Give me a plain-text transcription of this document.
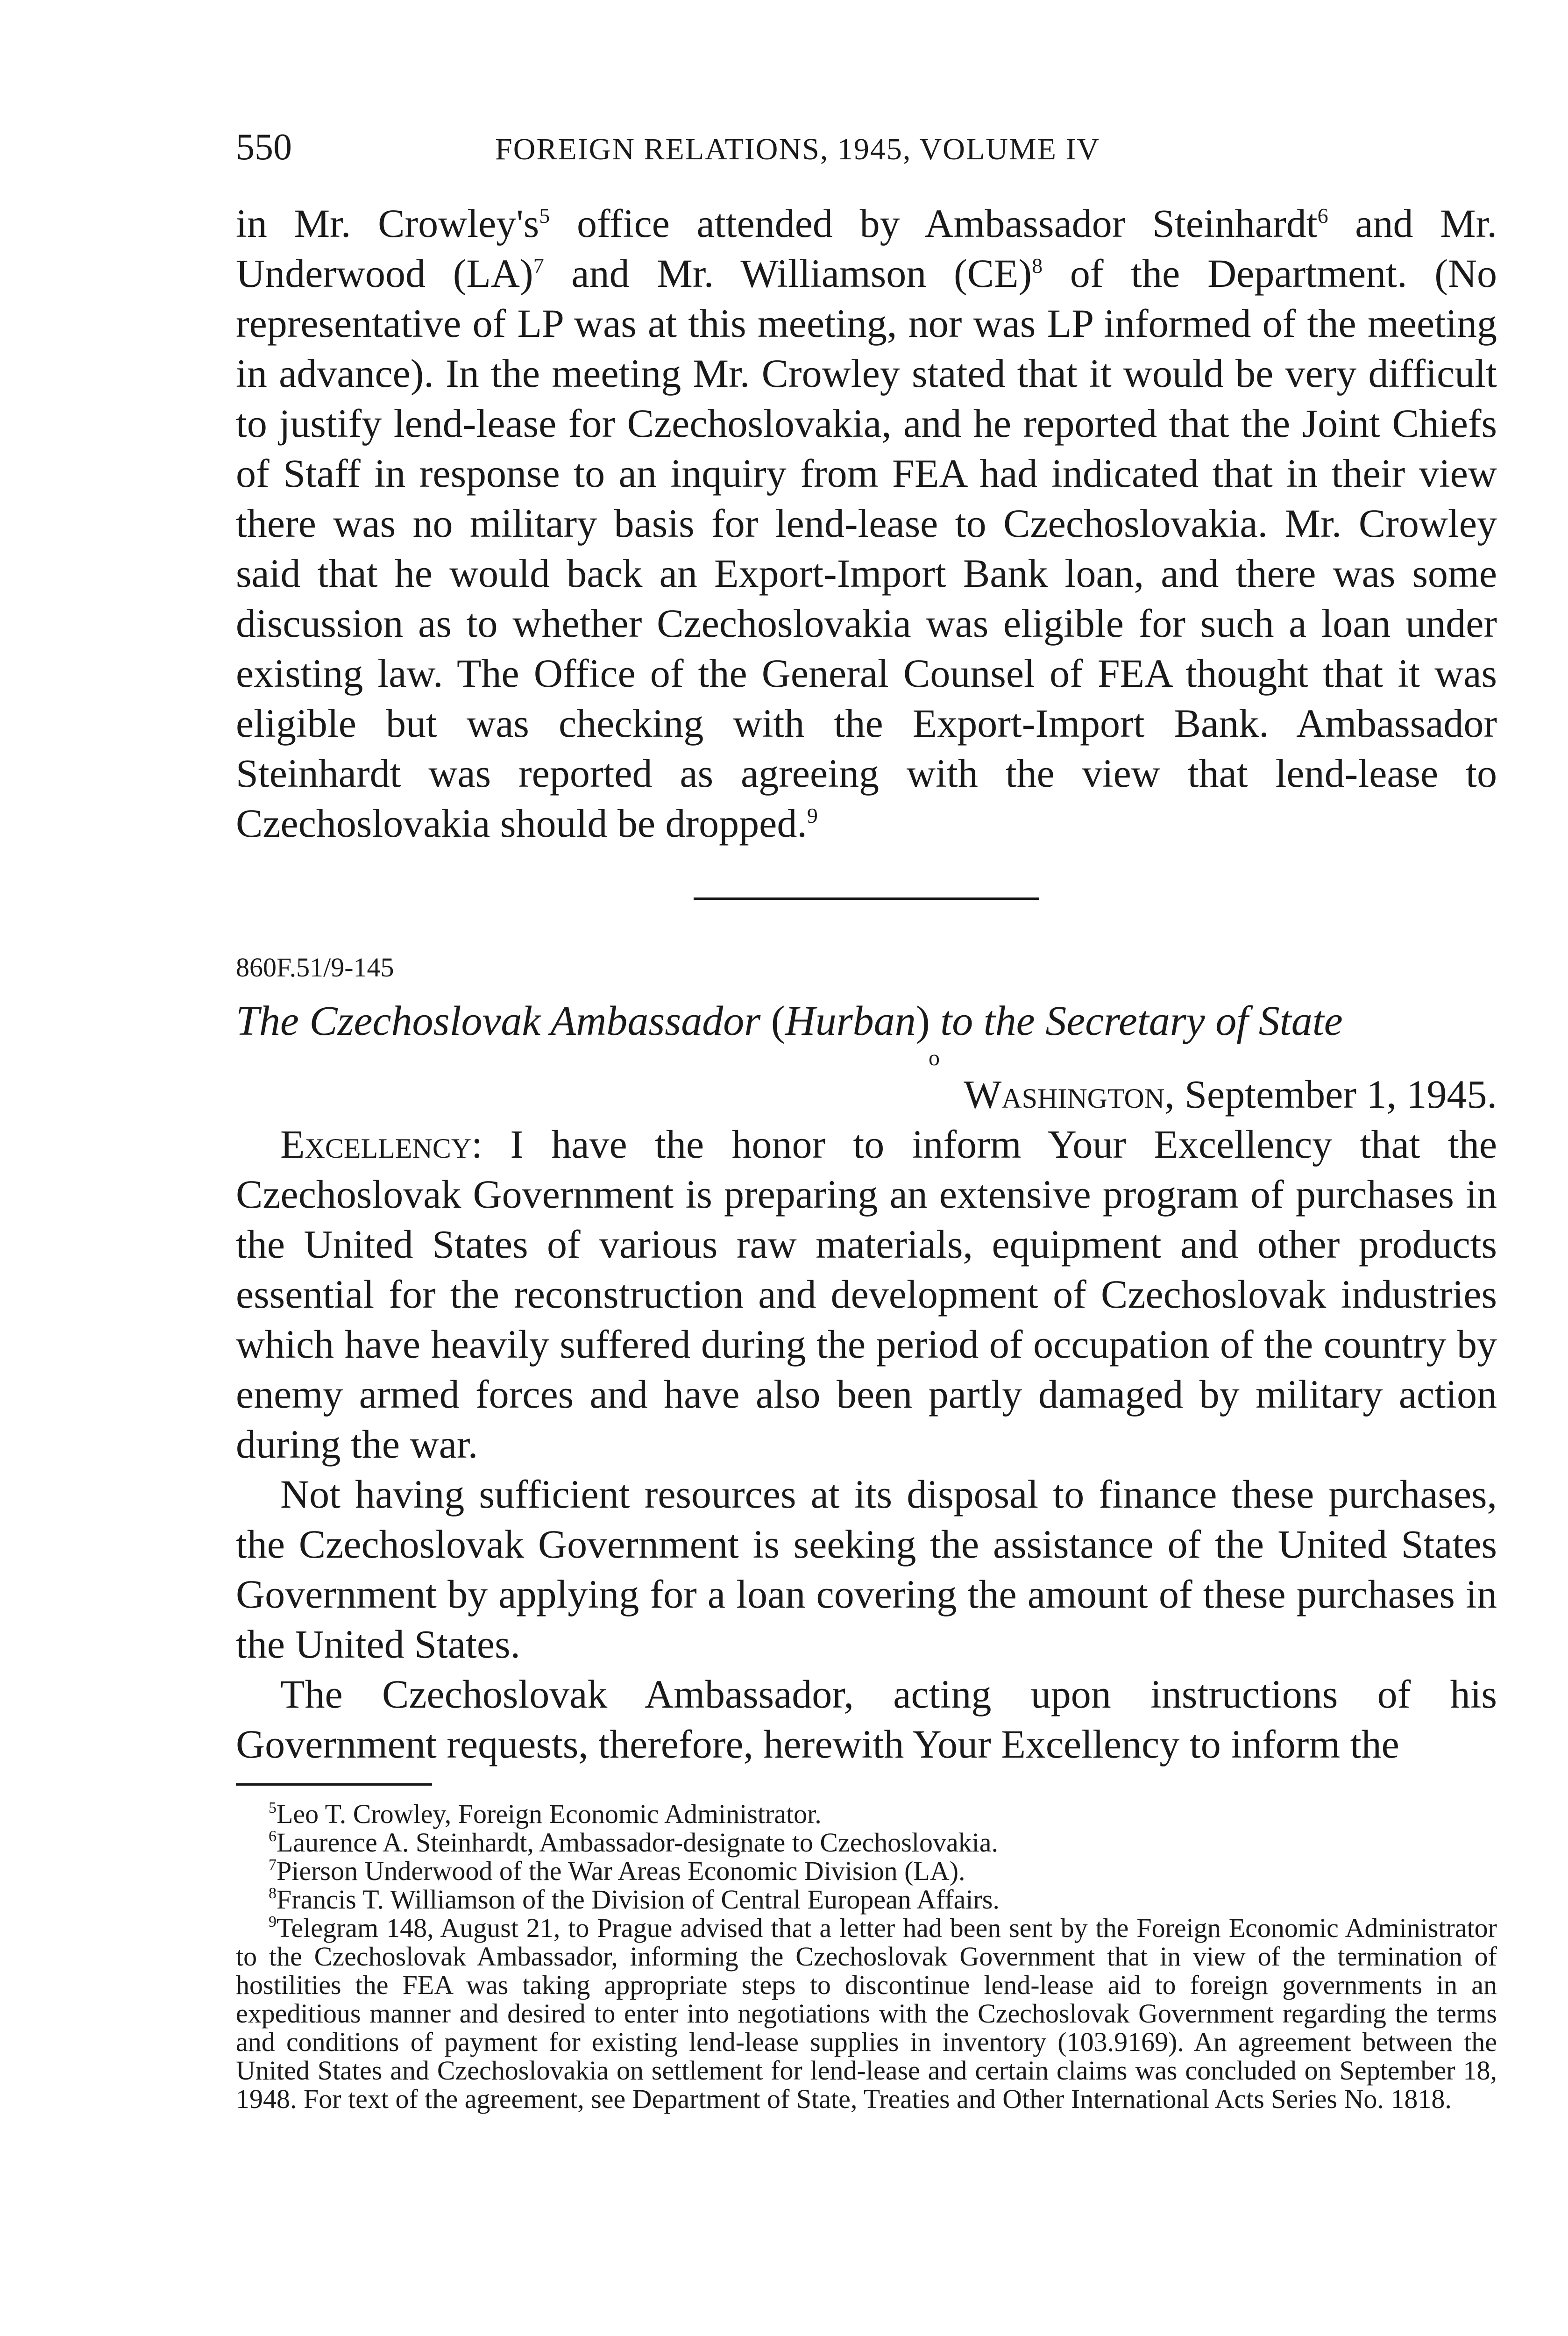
550	FOREIGN RELATIONS, 1945, VOLUME IV

in Mr. $Crowley's^5$ office attended by Ambassador Steinhardt$^6$ and Mr. Underwood (LA)$^7$ and Mr. Williamson (CE)$^8$ of the Department. (No representative of LP was at this meeting, nor was LP informed of the meeting in advance). In the meeting Mr. Crowley stated that it would be very difficult to justify lend-lease for Czechoslovakia, and he reported that the Joint Chiefs of Staff in response to an inquiry from FEA had indicated that in their view there was no military basis for lend-lease to Czechoslovakia. Mr. Crowley said that he would back an Export-Import Bank loan, and there was some discussion as to whether Czechoslovakia was eligible for such a loan under existing law. The Office of the General Counsel of FEA thought that it was eligible but was checking with the Export-Import Bank. Ambassador Steinhardt was reported as agreeing with the view that lend-lease to Czechoslovakia should be dropped.$^9$

860F.51/9-145

The Czechoslovak Ambassador (Hurban) to the Secretary of State

o

Washington, September 1, 1945.

Excellency: I have the honor to inform Your Excellency that the Czechoslovak Government is preparing an extensive program of purchases in the United States of various raw materials, equipment and other products essential for the reconstruction and development of Czechoslovak industries which have heavily suffered during the period of occupation of the country by enemy armed forces and have also been partly damaged by military action during the war.

Not having sufficient resources at its disposal to finance these purchases, the Czechoslovak Government is seeking the assistance of the United States Government by applying for a loan covering the amount of these purchases in the United States.

The Czechoslovak Ambassador, acting upon instructions of his Government requests, therefore, herewith Your Excellency to inform the

$^5$Leo T. Crowley, Foreign Economic Administrator.

$^6$Laurence A. Steinhardt, Ambassador-designate to Czechoslovakia.

$^7$Pierson Underwood of the War Areas Economic Division (LA).

$^8$Francis T. Williamson of the Division of Central European Affairs.

$^9$Telegram 148, August 21, to Prague advised that a letter had been sent by the Foreign Economic Administrator to the Czechoslovak Ambassador, informing the Czechoslovak Government that in view of the termination of hostilities the FEA was taking appropriate steps to discontinue lend-lease aid to foreign governments in an expeditious manner and desired to enter into negotiations with the Czechoslovak Government regarding the terms and conditions of payment for existing lend-lease supplies in inventory (103.9169). An agreement between the United States and Czechoslovakia on settlement for lend-lease and certain claims was concluded on September 18, 1948. For text of the agreement, see Department of State, Treaties and Other International Acts Series No. 1818.
